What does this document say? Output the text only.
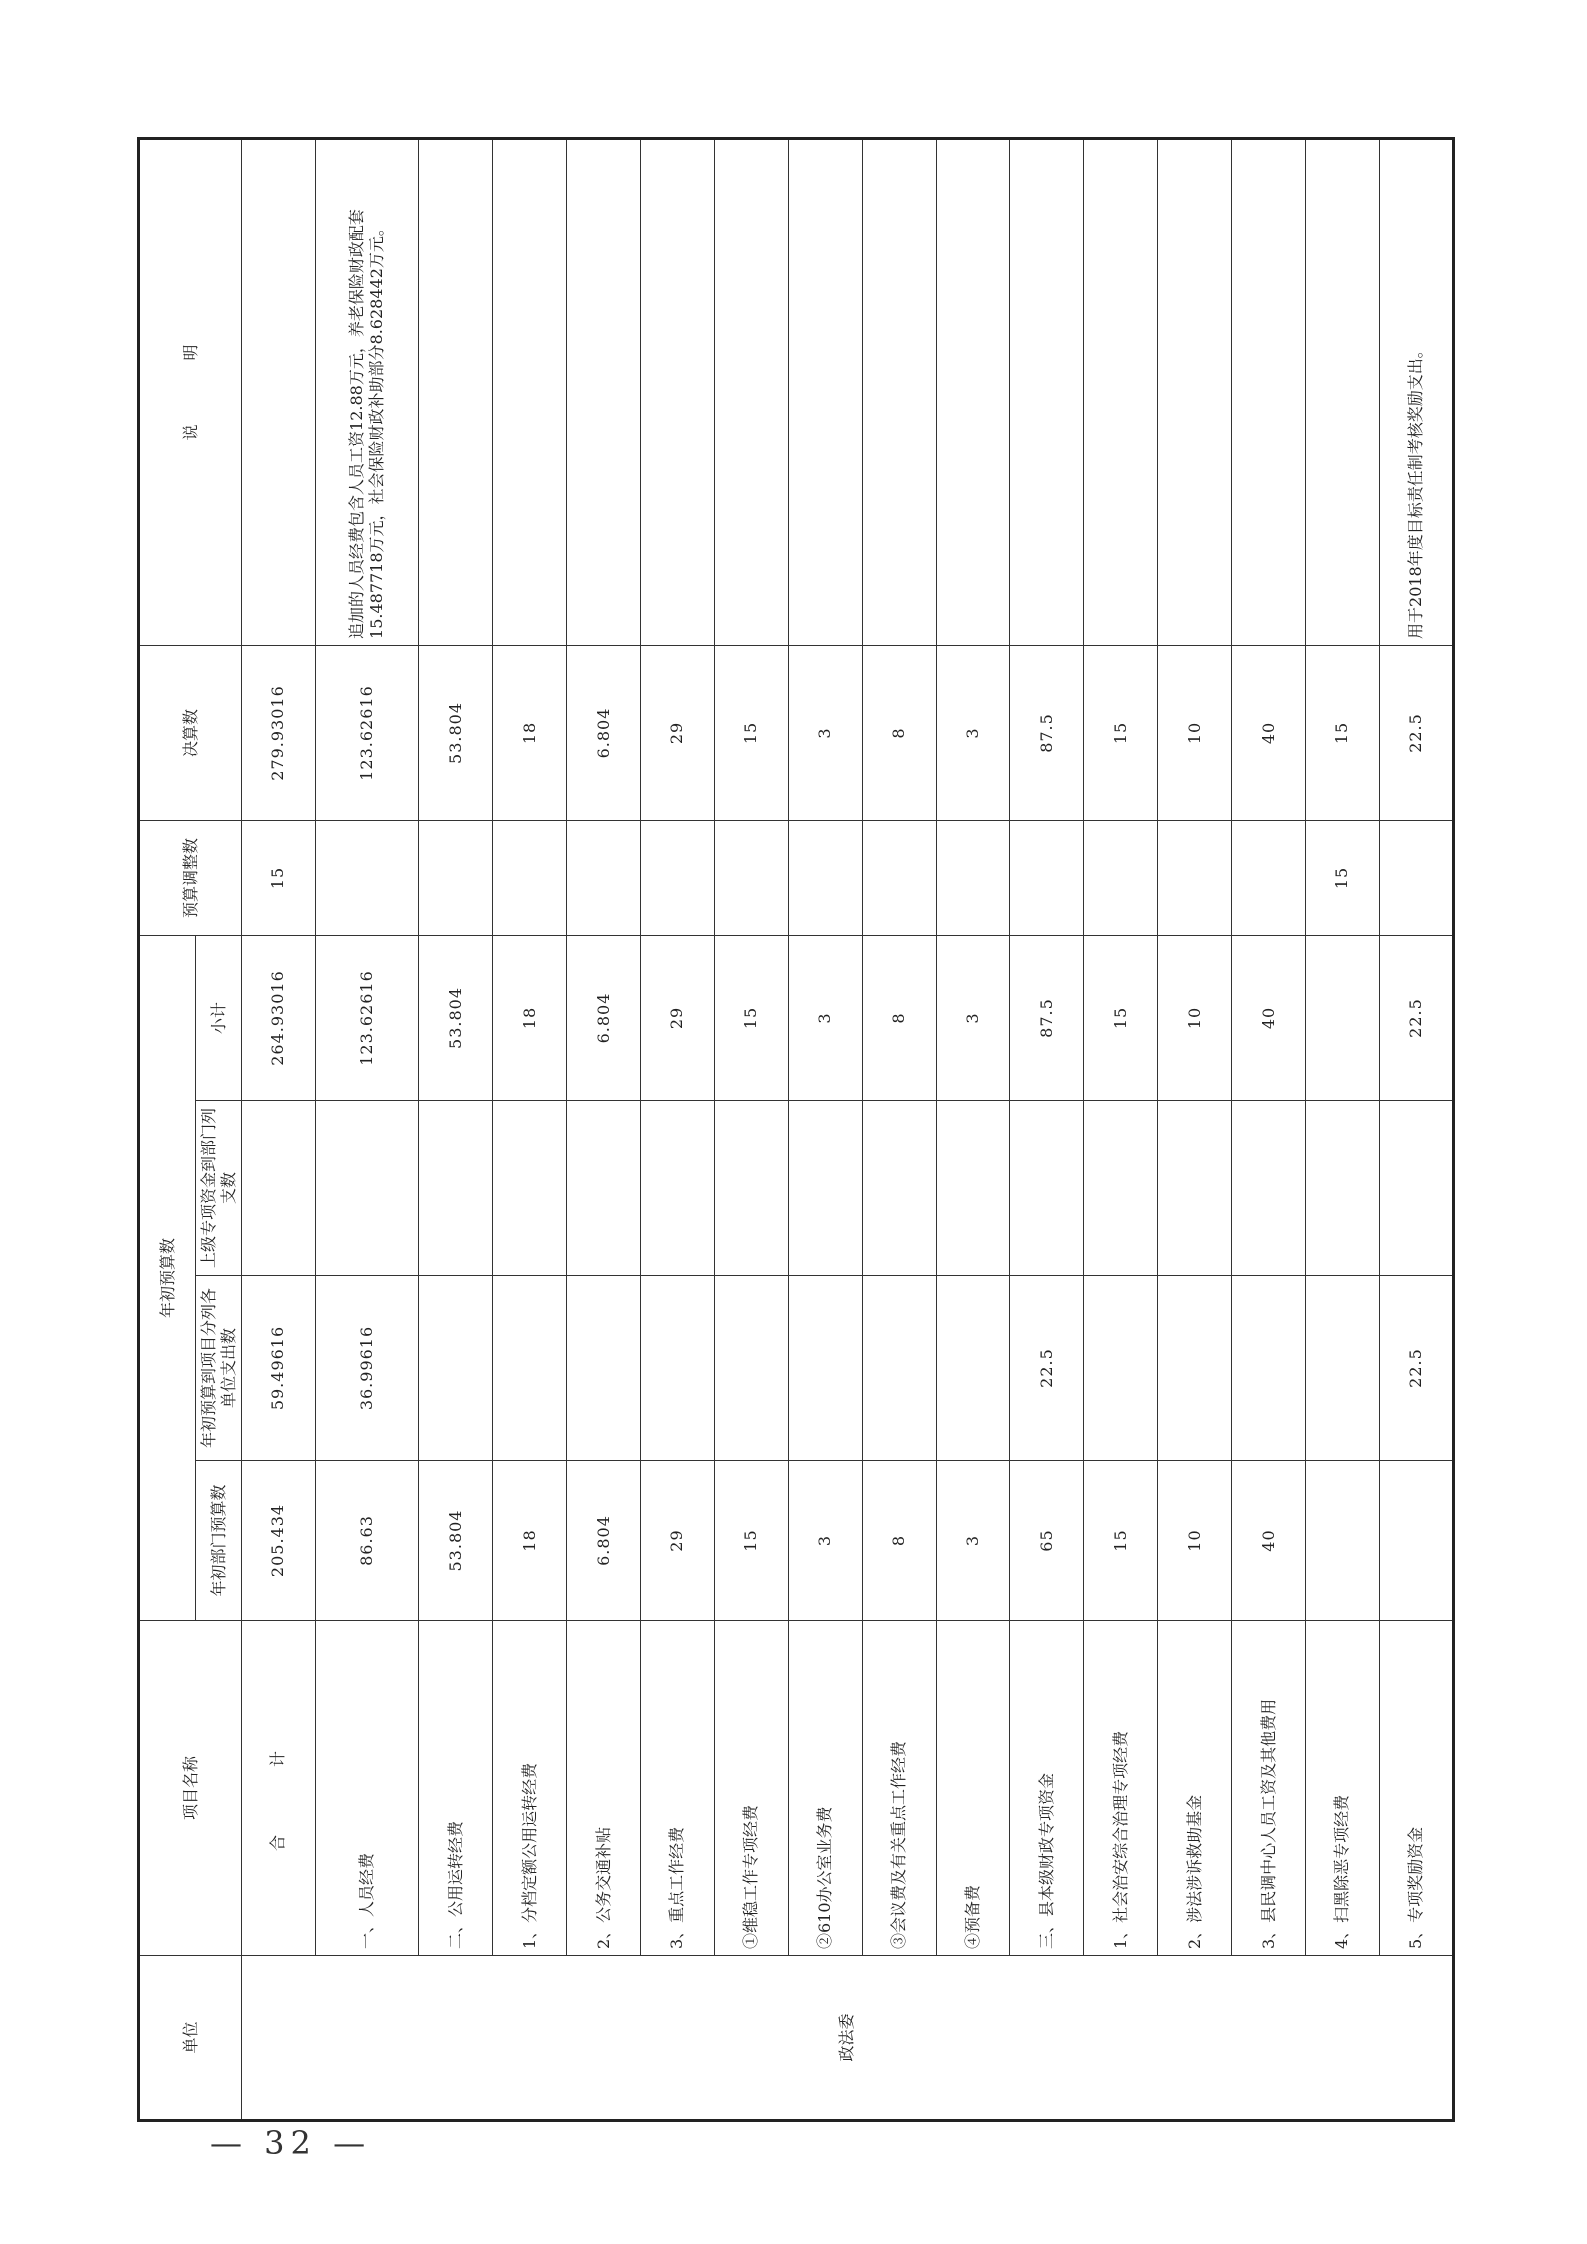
单位	项目名称	年初预算数				预算调整数	决算数	说　　　　明
		年初部门预算数	年初预算到项目分列各单位支出数	上级专项资金到部门列支数	小计			
政法委	合　计	205.434	59.49616		264.93016	15	279.93016	
	一、人员经费	86.63	36.99616		123.62616		123.62616	追加的人员经费包含人员工资12.88万元，养老保险财政配套15.487718万元，社会保险财政补助部分8.628442万元。
	二、公用运转经费	53.804			53.804		53.804	
	1、分档定额公用运转经费	18			18		18	
	2、公务交通补贴	6.804			6.804		6.804	
	3、重点工作经费	29			29		29	
	①维稳工作专项经费	15			15		15	
	②610办公室业务费	3			3		3	
	③会议费及有关重点工作经费	8			8		8	
	④预备费	3			3		3	
	三、县本级财政专项资金	65	22.5		87.5		87.5	
	1、社会治安综合治理专项经费	15			15		15	
	2、涉法涉诉救助基金	10			10		10	
	3、县民调中心人员工资及其他费用	40			40		40	
	4、扫黑除恶专项经费					15	15	
	5、专项奖励资金		22.5		22.5		22.5	用于2018年度目标责任制考核奖励支出。
— 32 —
